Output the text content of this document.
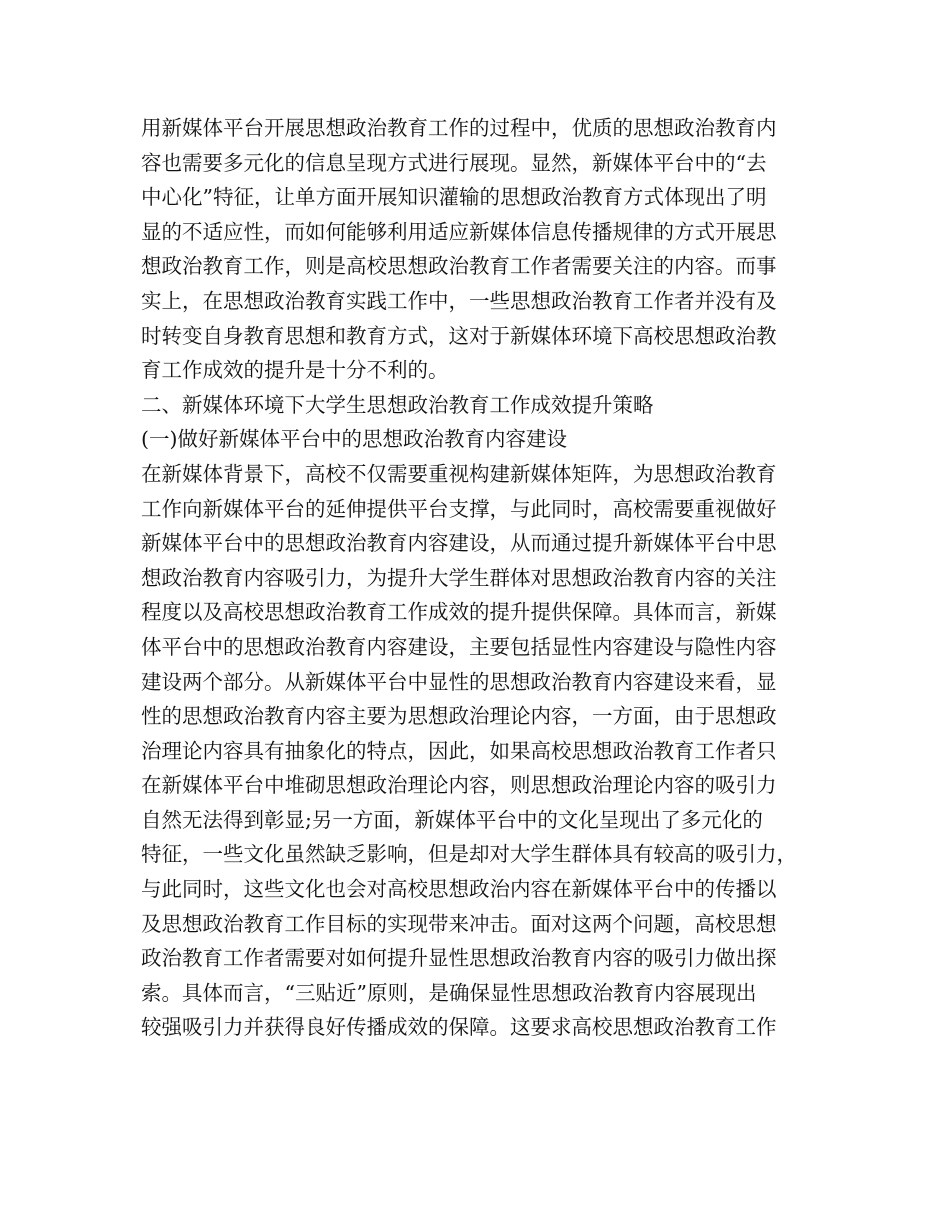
用新媒体平台开展思想政治教育工作的过程中，优质的思想政治教育内
容也需要多元化的信息呈现方式进行展现。显然，新媒体平台中的“去
中心化”特征，让单方面开展知识灌输的思想政治教育方式体现出了明
显的不适应性，而如何能够利用适应新媒体信息传播规律的方式开展思
想政治教育工作，则是高校思想政治教育工作者需要关注的内容。而事
实上，在思想政治教育实践工作中，一些思想政治教育工作者并没有及
时转变自身教育思想和教育方式，这对于新媒体环境下高校思想政治教
育工作成效的提升是十分不利的。
二、新媒体环境下大学生思想政治教育工作成效提升策略
(一)做好新媒体平台中的思想政治教育内容建设
在新媒体背景下，高校不仅需要重视构建新媒体矩阵，为思想政治教育
工作向新媒体平台的延伸提供平台支撑，与此同时，高校需要重视做好
新媒体平台中的思想政治教育内容建设，从而通过提升新媒体平台中思
想政治教育内容吸引力，为提升大学生群体对思想政治教育内容的关注
程度以及高校思想政治教育工作成效的提升提供保障。具体而言，新媒
体平台中的思想政治教育内容建设，主要包括显性内容建设与隐性内容
建设两个部分。从新媒体平台中显性的思想政治教育内容建设来看，显
性的思想政治教育内容主要为思想政治理论内容，一方面，由于思想政
治理论内容具有抽象化的特点，因此，如果高校思想政治教育工作者只
在新媒体平台中堆砌思想政治理论内容，则思想政治理论内容的吸引力
自然无法得到彰显;另一方面，新媒体平台中的文化呈现出了多元化的
特征，一些文化虽然缺乏影响，但是却对大学生群体具有较高的吸引力，
与此同时，这些文化也会对高校思想政治内容在新媒体平台中的传播以
及思想政治教育工作目标的实现带来冲击。面对这两个问题，高校思想
政治教育工作者需要对如何提升显性思想政治教育内容的吸引力做出探
索。具体而言，“三贴近”原则，是确保显性思想政治教育内容展现出
较强吸引力并获得良好传播成效的保障。这要求高校思想政治教育工作
